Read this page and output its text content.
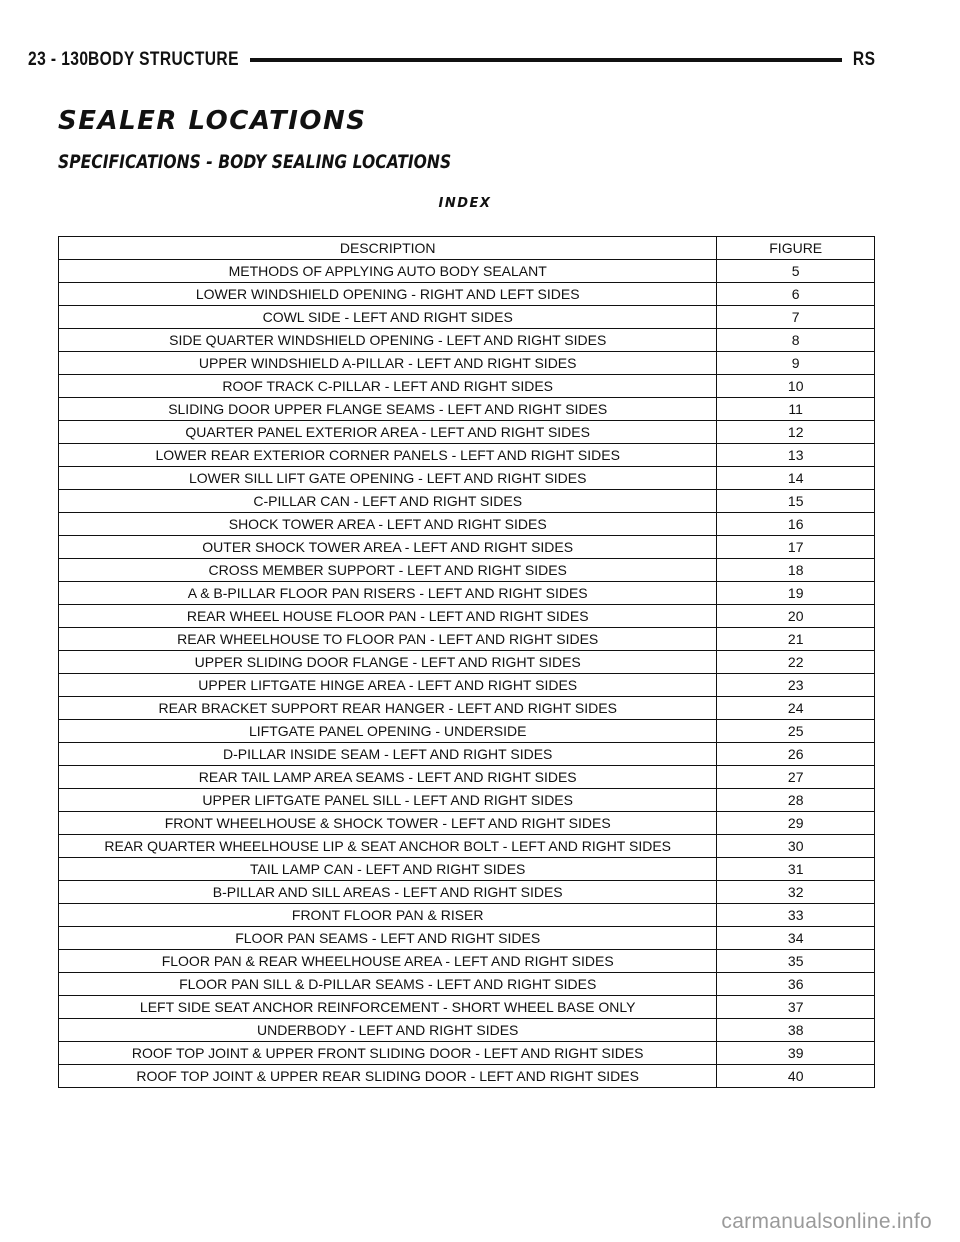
23 - 130 BODY STRUCTURE	RS
SEALER LOCATIONS
SPECIFICATIONS - BODY SEALING LOCATIONS
INDEX
DESCRIPTION	FIGURE
METHODS OF APPLYING AUTO BODY SEALANT	5
LOWER WINDSHIELD OPENING - RIGHT AND LEFT SIDES	6
COWL SIDE - LEFT AND RIGHT SIDES	7
SIDE QUARTER WINDSHIELD OPENING - LEFT AND RIGHT SIDES	8
UPPER WINDSHIELD A-PILLAR - LEFT AND RIGHT SIDES	9
ROOF TRACK C-PILLAR - LEFT AND RIGHT SIDES	10
SLIDING DOOR UPPER FLANGE SEAMS - LEFT AND RIGHT SIDES	11
QUARTER PANEL EXTERIOR AREA - LEFT AND RIGHT SIDES	12
LOWER REAR EXTERIOR CORNER PANELS - LEFT AND RIGHT SIDES	13
LOWER SILL LIFT GATE OPENING - LEFT AND RIGHT SIDES	14
C-PILLAR CAN - LEFT AND RIGHT SIDES	15
SHOCK TOWER AREA - LEFT AND RIGHT SIDES	16
OUTER SHOCK TOWER AREA - LEFT AND RIGHT SIDES	17
CROSS MEMBER SUPPORT - LEFT AND RIGHT SIDES	18
A & B-PILLAR FLOOR PAN RISERS - LEFT AND RIGHT SIDES	19
REAR WHEEL HOUSE FLOOR PAN - LEFT AND RIGHT SIDES	20
REAR WHEELHOUSE TO FLOOR PAN - LEFT AND RIGHT SIDES	21
UPPER SLIDING DOOR FLANGE - LEFT AND RIGHT SIDES	22
UPPER LIFTGATE HINGE AREA - LEFT AND RIGHT SIDES	23
REAR BRACKET SUPPORT REAR HANGER - LEFT AND RIGHT SIDES	24
LIFTGATE PANEL OPENING - UNDERSIDE	25
D-PILLAR INSIDE SEAM - LEFT AND RIGHT SIDES	26
REAR TAIL LAMP AREA SEAMS - LEFT AND RIGHT SIDES	27
UPPER LIFTGATE PANEL SILL - LEFT AND RIGHT SIDES	28
FRONT WHEELHOUSE & SHOCK TOWER - LEFT AND RIGHT SIDES	29
REAR QUARTER WHEELHOUSE LIP & SEAT ANCHOR BOLT - LEFT AND RIGHT SIDES	30
TAIL LAMP CAN - LEFT AND RIGHT SIDES	31
B-PILLAR AND SILL AREAS - LEFT AND RIGHT SIDES	32
FRONT FLOOR PAN & RISER	33
FLOOR PAN SEAMS - LEFT AND RIGHT SIDES	34
FLOOR PAN & REAR WHEELHOUSE AREA - LEFT AND RIGHT SIDES	35
FLOOR PAN SILL & D-PILLAR SEAMS - LEFT AND RIGHT SIDES	36
LEFT SIDE SEAT ANCHOR REINFORCEMENT - SHORT WHEEL BASE ONLY	37
UNDERBODY - LEFT AND RIGHT SIDES	38
ROOF TOP JOINT & UPPER FRONT SLIDING DOOR - LEFT AND RIGHT SIDES	39
ROOF TOP JOINT & UPPER REAR SLIDING DOOR - LEFT AND RIGHT SIDES	40
carmanualsonline.info
